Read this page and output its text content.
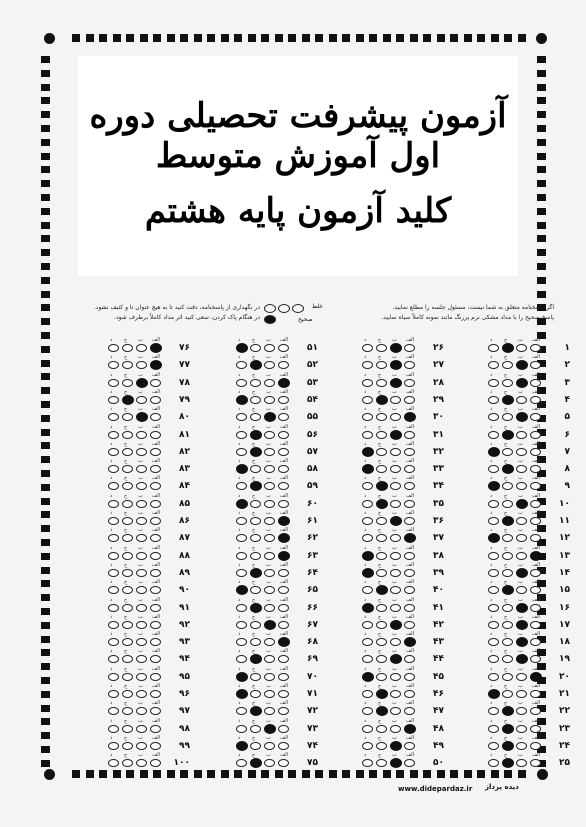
آزمون پیشرفت تحصیلی دوره اول آموزش متوسط
کلید آزمون پایه هشتم
اگر پاسخنامه متعلق به شما نیست، مسئول جلسه را مطلع نمایید.
پاسخ صحیح را با مداد مشکی نرم پررنگ مانند نمونه کاملاً سیاه نمایید.
در نگهداری از پاسخنامه، دقت کنید تا به هیچ عنوان تا و کثیف نشود.
در هنگام پاک کردن، سعی کنید اثر مداد کاملاً برطرف شود.
غلط
صحیح
۱
الف
ب
ج
د
۲
الف
ب
ج
د
۳
الف
ب
ج
د
۴
الف
ب
ج
د
۵
الف
ب
ج
د
۶
الف
ب
ج
د
۷
الف
ب
ج
د
۸
الف
ب
ج
د
۹
الف
ب
ج
د
۱۰
الف
ب
ج
د
۱۱
الف
ب
ج
د
۱۲
الف
ب
ج
د
۱۳
الف
ب
ج
د
۱۴
الف
ب
ج
د
۱۵
الف
ب
ج
د
۱۶
الف
ب
ج
د
۱۷
الف
ب
ج
د
۱۸
الف
ب
ج
د
۱۹
الف
ب
ج
د
۲۰
الف
ب
ج
د
۲۱
الف
ب
ج
د
۲۲
الف
ب
ج
د
۲۳
الف
ب
ج
د
۲۴
الف
ب
ج
د
۲۵
الف
ب
ج
د
۲۶
الف
ب
ج
د
۲۷
الف
ب
ج
د
۲۸
الف
ب
ج
د
۲۹
الف
ب
ج
د
۳۰
الف
ب
ج
د
۳۱
الف
ب
ج
د
۳۲
الف
ب
ج
د
۳۳
الف
ب
ج
د
۳۴
الف
ب
ج
د
۳۵
الف
ب
ج
د
۳۶
الف
ب
ج
د
۳۷
الف
ب
ج
د
۳۸
الف
ب
ج
د
۳۹
الف
ب
ج
د
۴۰
الف
ب
ج
د
۴۱
الف
ب
ج
د
۴۲
الف
ب
ج
د
۴۳
الف
ب
ج
د
۴۴
الف
ب
ج
د
۴۵
الف
ب
ج
د
۴۶
الف
ب
ج
د
۴۷
الف
ب
ج
د
۴۸
الف
ب
ج
د
۴۹
الف
ب
ج
د
۵۰
الف
ب
ج
د
۵۱
الف
ب
ج
د
۵۲
الف
ب
ج
د
۵۳
الف
ب
ج
د
۵۴
الف
ب
ج
د
۵۵
الف
ب
ج
د
۵۶
الف
ب
ج
د
۵۷
الف
ب
ج
د
۵۸
الف
ب
ج
د
۵۹
الف
ب
ج
د
۶۰
الف
ب
ج
د
۶۱
الف
ب
ج
د
۶۲
الف
ب
ج
د
۶۳
الف
ب
ج
د
۶۴
الف
ب
ج
د
۶۵
الف
ب
ج
د
۶۶
الف
ب
ج
د
۶۷
الف
ب
ج
د
۶۸
الف
ب
ج
د
۶۹
الف
ب
ج
د
۷۰
الف
ب
ج
د
۷۱
الف
ب
ج
د
۷۲
الف
ب
ج
د
۷۳
الف
ب
ج
د
۷۴
الف
ب
ج
د
۷۵
الف
ب
ج
د
۷۶
الف
ب
ج
د
۷۷
الف
ب
ج
د
۷۸
الف
ب
ج
د
۷۹
الف
ب
ج
د
۸۰
الف
ب
ج
د
۸۱
الف
ب
ج
د
۸۲
الف
ب
ج
د
۸۳
الف
ب
ج
د
۸۴
الف
ب
ج
د
۸۵
الف
ب
ج
د
۸۶
الف
ب
ج
د
۸۷
الف
ب
ج
د
۸۸
الف
ب
ج
د
۸۹
الف
ب
ج
د
۹۰
الف
ب
ج
د
۹۱
الف
ب
ج
د
۹۲
الف
ب
ج
د
۹۳
الف
ب
ج
د
۹۴
الف
ب
ج
د
۹۵
الف
ب
ج
د
۹۶
الف
ب
ج
د
۹۷
الف
ب
ج
د
۹۸
الف
ب
ج
د
۹۹
الف
ب
ج
د
۱۰۰
الف
ب
ج
د
www.didepardaz.ir دیده پرداز
